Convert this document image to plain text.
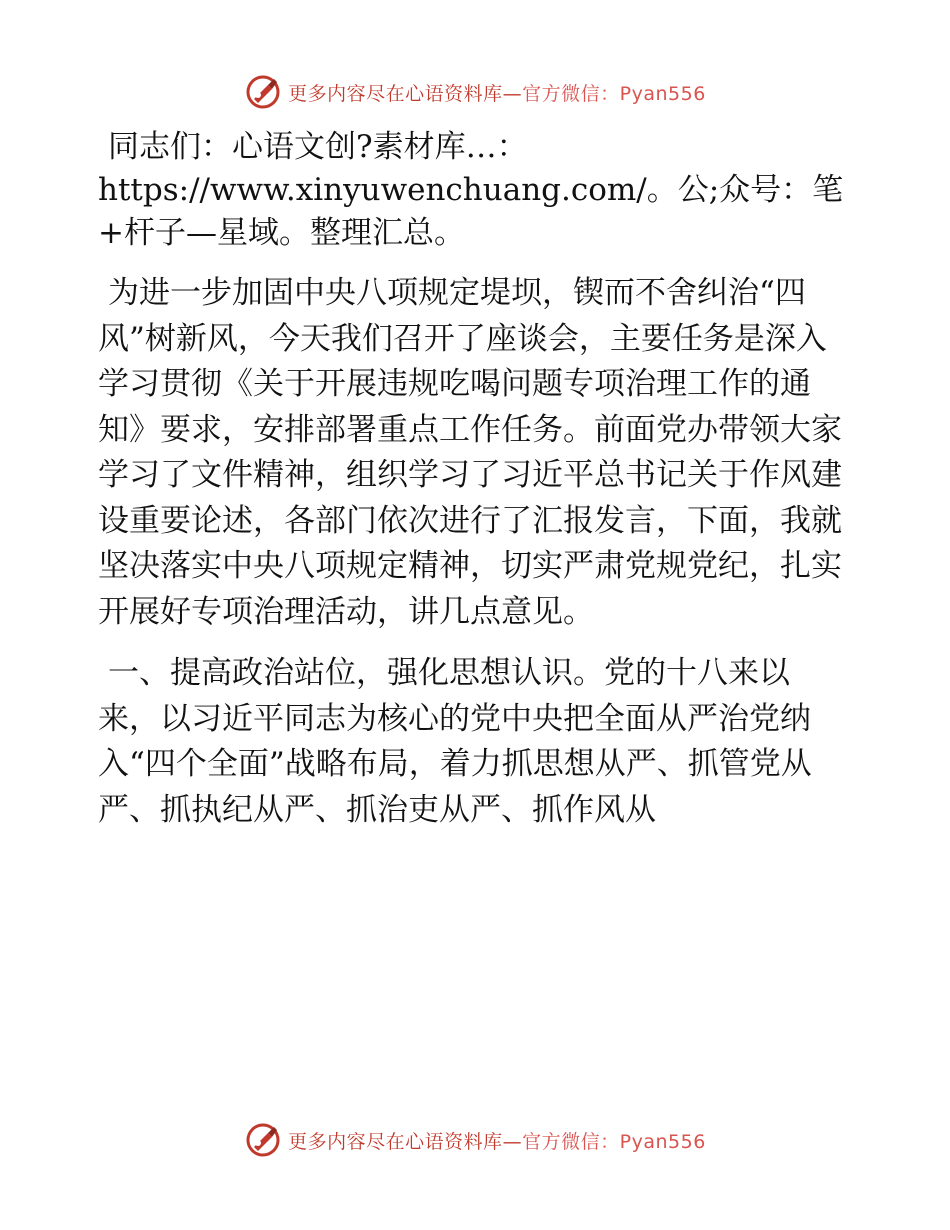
更多内容尽在心语资料库—官方微信：Pyan556

同志们：心语文创?素材库…：https://www.xinyuwenchuang.com/。公;众号：笔+杆子—星域。整理汇总。

为进一步加固中央八项规定堤坝，锲而不舍纠治“四风”树新风，今天我们召开了座谈会，主要任务是深入学习贯彻《关于开展违规吃喝问题专项治理工作的通知》要求，安排部署重点工作任务。前面党办带领大家学习了文件精神，组织学习了习近平总书记关于作风建设重要论述，各部门依次进行了汇报发言，下面，我就坚决落实中央八项规定精神，切实严肃党规党纪，扎实开展好专项治理活动，讲几点意见。

一、提高政治站位，强化思想认识。党的十八来以来，以习近平同志为核心的党中央把全面从严治党纳入“四个全面”战略布局，着力抓思想从严、抓管党从严、抓执纪从严、抓治吏从严、抓作风从

更多内容尽在心语资料库—官方微信：Pyan556
